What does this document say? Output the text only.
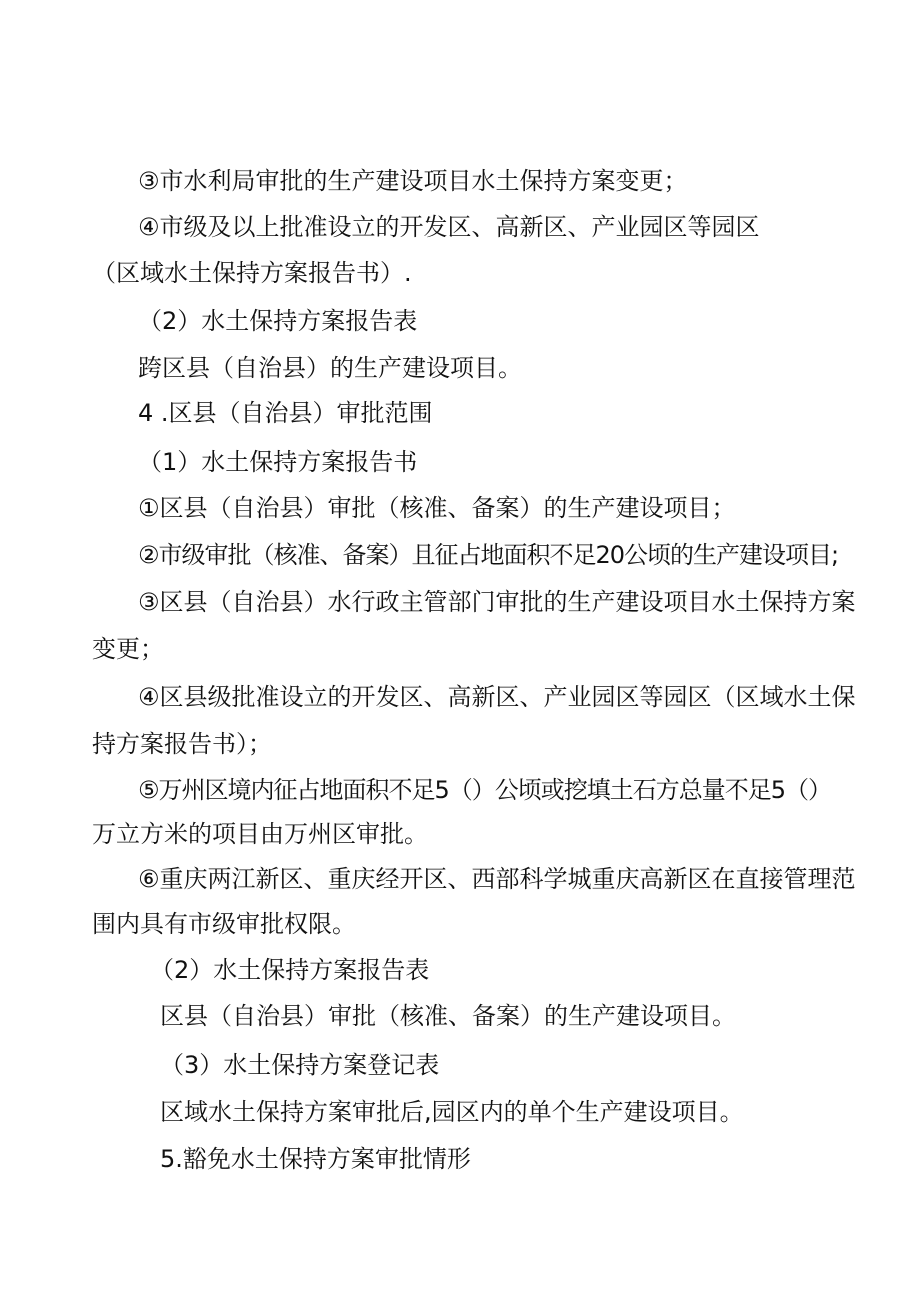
③市水利局审批的生产建设项目水土保持方案变更；
④市级及以上批准设立的开发区、高新区、产业园区等园区
（区域水土保持方案报告书）.
（2）水土保持方案报告表
跨区县（自治县）的生产建设项目。
4 .区县（自治县）审批范围
（1）水土保持方案报告书
①区县（自治县）审批（核准、备案）的生产建设项目；
②市级审批（核准、备案）且征占地面积不足20公顷的生产建设项目;
③区县（自治县）水行政主管部门审批的生产建设项目水土保持方案
变更；
④区县级批准设立的开发区、高新区、产业园区等园区（区域水土保
持方案报告书）；
⑤万州区境内征占地面积不足5（）公顷或挖填土石方总量不足5（）
万立方米的项目由万州区审批。
⑥重庆两江新区、重庆经开区、西部科学城重庆高新区在直接管理范
围内具有市级审批权限。
（2）水土保持方案报告表
区县（自治县）审批（核准、备案）的生产建设项目。
（3）水土保持方案登记表
区域水土保持方案审批后,园区内的单个生产建设项目。
5.豁免水土保持方案审批情形
